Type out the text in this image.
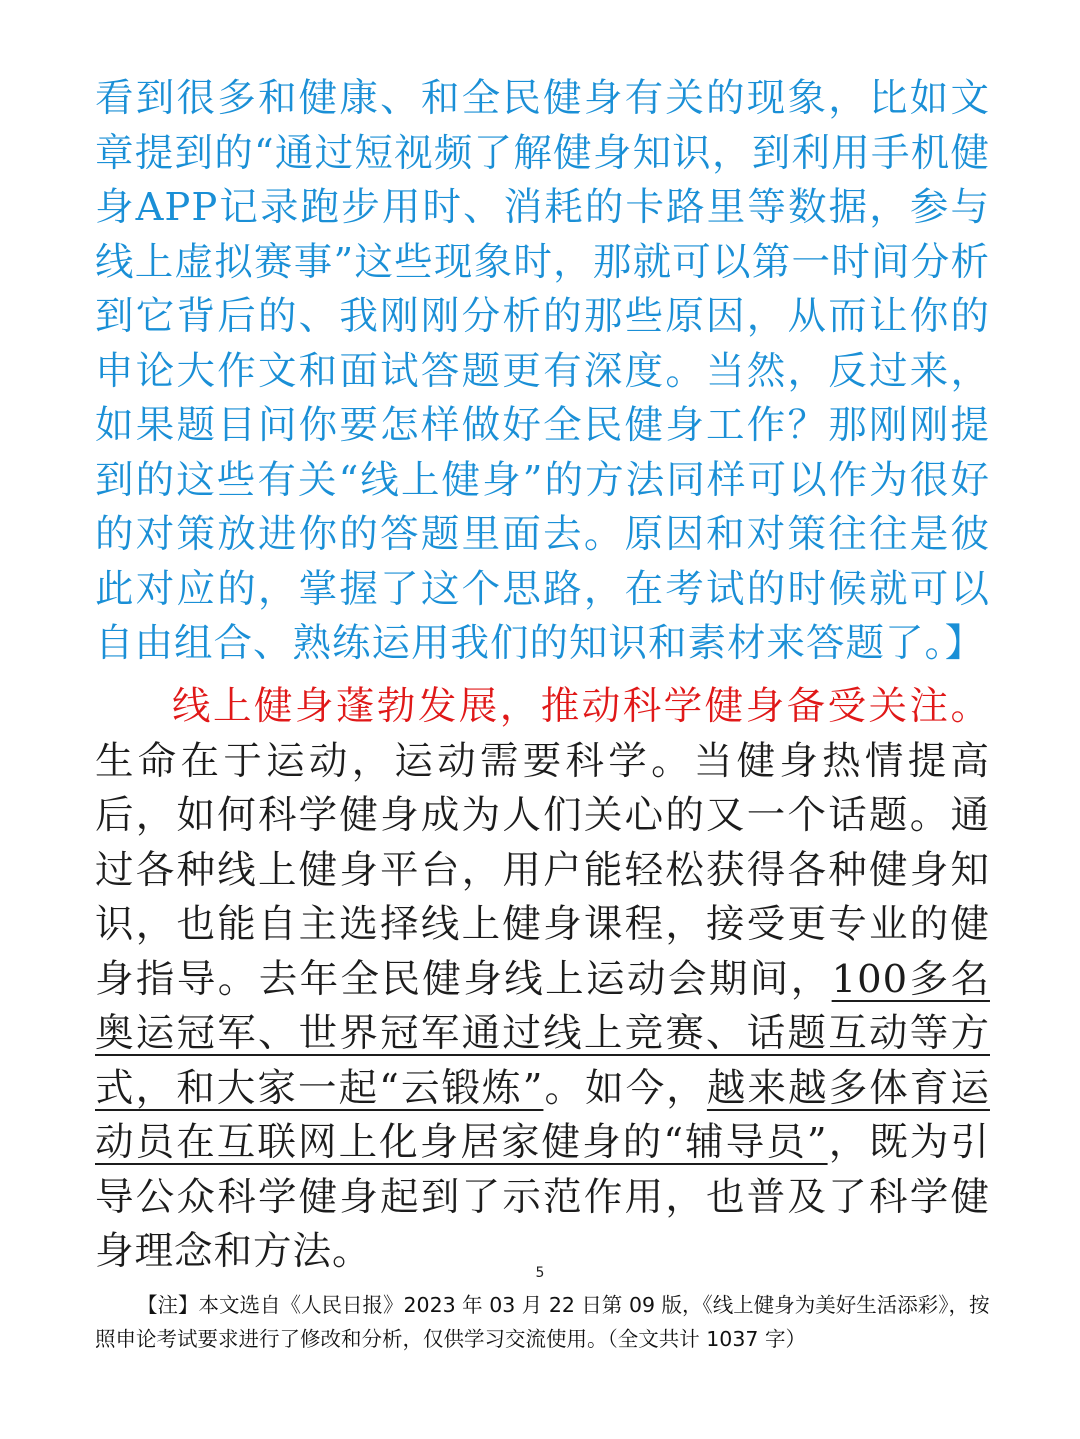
看到很多和健康、和全民健身有关的现象，比如文章提到的“通过短视频了解健身知识，到利用手机健身APP记录跑步用时、消耗的卡路里等数据，参与线上虚拟赛事”这些现象时，那就可以第一时间分析到它背后的、我刚刚分析的那些原因，从而让你的申论大作文和面试答题更有深度。当然，反过来，如果题目问你要怎样做好全民健身工作？那刚刚提到的这些有关“线上健身”的方法同样可以作为很好的对策放进你的答题里面去。原因和对策往往是彼此对应的，掌握了这个思路，在考试的时候就可以自由组合、熟练运用我们的知识和素材来答题了。】

线上健身蓬勃发展，推动科学健身备受关注。生命在于运动，运动需要科学。当健身热情提高后，如何科学健身成为人们关心的又一个话题。通过各种线上健身平台，用户能轻松获得各种健身知识，也能自主选择线上健身课程，接受更专业的健身指导。去年全民健身线上运动会期间，100多名奥运冠军、世界冠军通过线上竞赛、话题互动等方式，和大家一起“云锻炼”。如今，越来越多体育运动员在互联网上化身居家健身的“辅导员”，既为引导公众科学健身起到了示范作用，也普及了科学健身理念和方法。	5

【注】本文选自《人民日报》2023 年 03 月 22 日第 09 版，《线上健身为美好生活添彩》，按照申论考试要求进行了修改和分析，仅供学习交流使用。（全文共计 1037 字）
